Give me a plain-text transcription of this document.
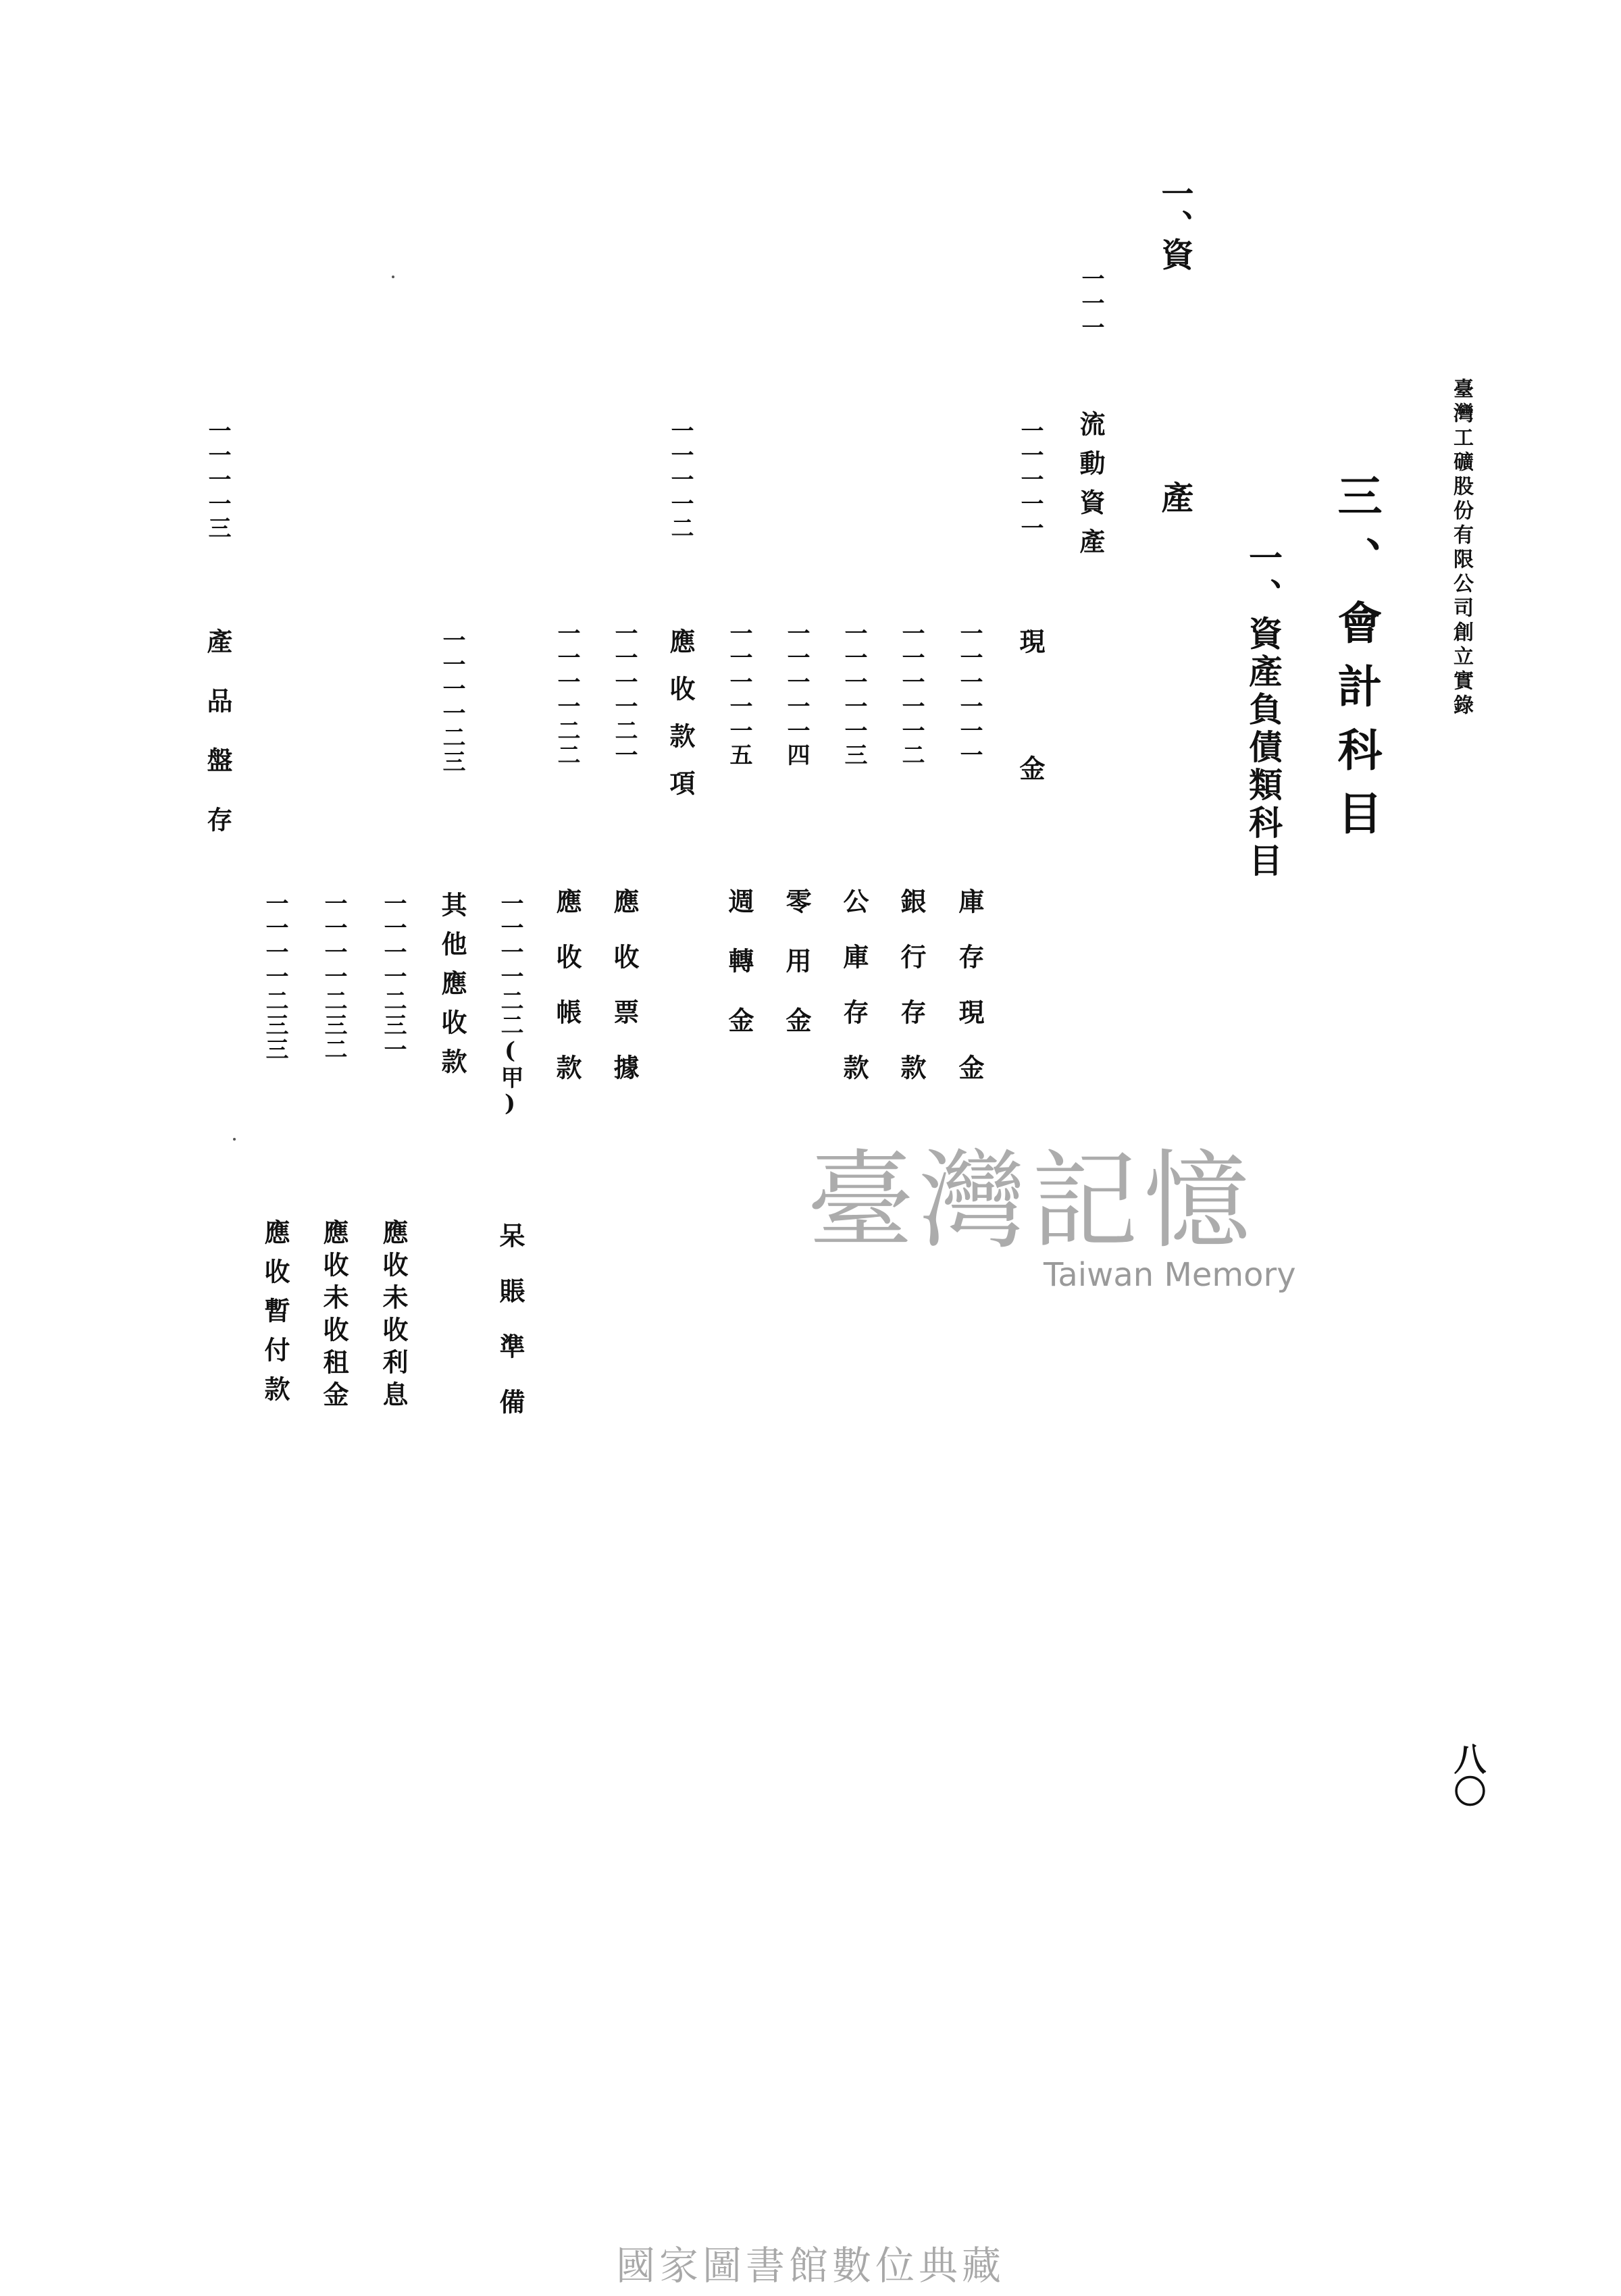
臺灣工礦股份有限公司創立實錄
三、會計科目
一、資產負債類科目
一、
資　產
一一一
流動資產
一一一一一
現金
一一一一一一
庫存現金
一一一一一二
銀行存款
一一一一一三
公庫存款
一一一一一四
零用金
一一一一一五
週轉金
一一一一二
應收款項
一一一一二一
應收票據
一一一一二二
應收帳款
一一一一二二(甲)
呆賬準備
一一一一二三
其他應收款
一一一一二三一
應收未收利息
一一一一二三二
應收未收租金
一一一一二三三
應收暫付款
一一一一三
產品盤存
八〇
臺灣記憶
Taiwan Memory
國家圖書館數位典藏
